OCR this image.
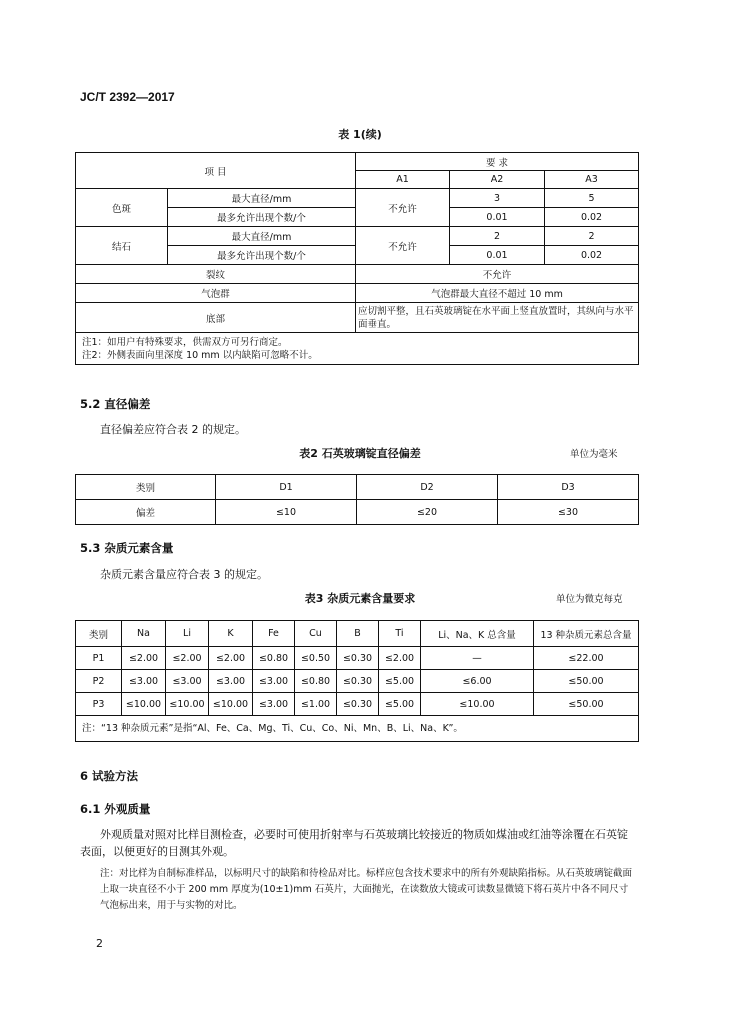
JC/T 2392—2017
表 1(续)
项 目		要 求		
		A1	A2	A3
色斑	最大直径/mm	不允许	3	5
	最多允许出现个数/个		0.01	0.02
结石	最大直径/mm	不允许	2	2
	最多允许出现个数/个		0.01	0.02
裂纹		不允许		
气泡群		气泡群最大直径不超过 10 mm		
底部		应切割平整，且石英玻璃锭在水平面上竖直放置时，其纵向与水平面垂直。		

注1：如用户有特殊要求，供需双方可另行商定。
注2：外侧表面向里深度 10 mm 以内缺陷可忽略不计。				
5.2 直径偏差
直径偏差应符合表 2 的规定。
表2 石英玻璃锭直径偏差	单位为毫米
类别	D1	D2	D3
偏差	≤10	≤20	≤30
5.3 杂质元素含量
杂质元素含量应符合表 3 的规定。
表3 杂质元素含量要求	单位为微克每克
类别	Na	Li	K	Fe	Cu	B	Ti	Li、Na、K 总含量	13 种杂质元素总含量
P1	≤2.00	≤2.00	≤2.00	≤0.80	≤0.50	≤0.30	≤2.00	—	≤22.00
P2	≤3.00	≤3.00	≤3.00	≤3.00	≤0.80	≤0.30	≤5.00	≤6.00	≤50.00
P3	≤10.00	≤10.00	≤10.00	≤3.00	≤1.00	≤0.30	≤5.00	≤10.00	≤50.00
注：“13 种杂质元素”是指“Al、Fe、Ca、Mg、Ti、Cu、Co、Ni、Mn、B、Li、Na、K”。									
6 试验方法
6.1 外观质量
外观质量对照对比样目测检查，必要时可使用折射率与石英玻璃比较接近的物质如煤油或红油等涂覆在石英锭表面，以便更好的目测其外观。
注：对比样为自制标准样品，以标明尺寸的缺陷和待检品对比。标样应包含技术要求中的所有外观缺陷指标。从石英玻璃锭截面上取一块直径不小于 200 mm 厚度为(10±1)mm 石英片，大面抛光，在读数放大镜或可读数显微镜下将石英片中各不同尺寸气泡标出来，用于与实物的对比。
2
